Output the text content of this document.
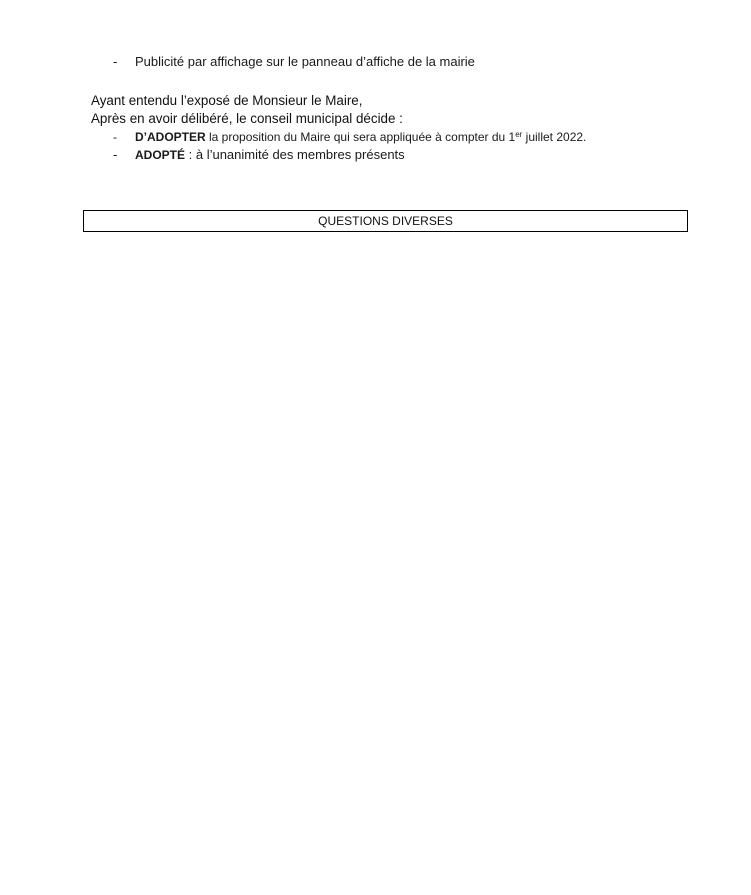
- Publicité par affichage sur le panneau d’affiche de la mairie
Ayant entendu l’exposé de Monsieur le Maire,
Après en avoir délibéré, le conseil municipal décide :
- D’ADOPTER la proposition du Maire qui sera appliquée à compter du 1er juillet 2022.
- ADOPTÉ : à l’unanimité des membres présents
QUESTIONS DIVERSES
